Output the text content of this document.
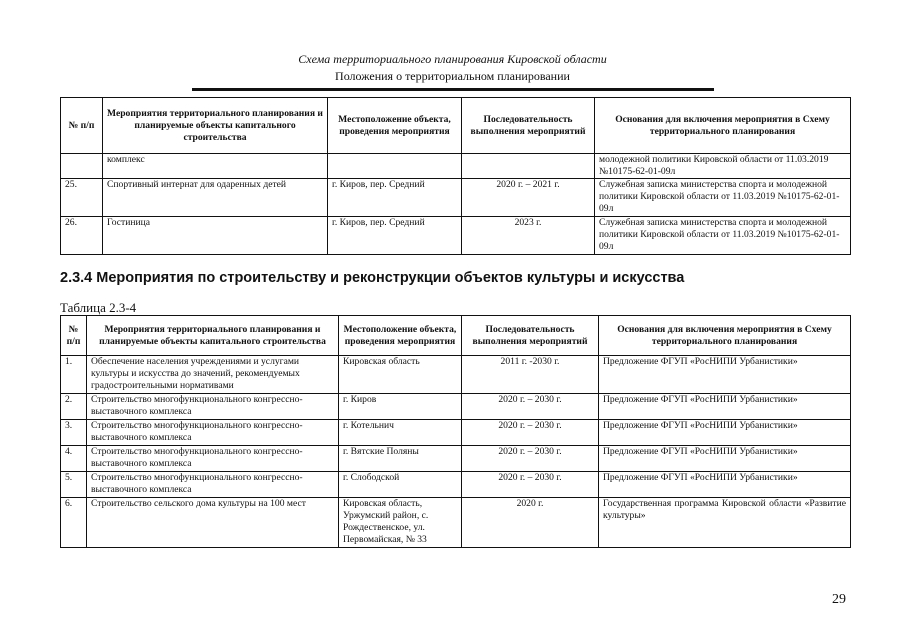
Схема территориального планирования Кировской области
Положения о территориальном планировании
№ п/п	Мероприятия территориального планирования и планируемые объекты капитального строительства	Местоположение объекта, проведения мероприятия	Последовательность выполнения мероприятий	Основания для включения мероприятия в Схему территориального планирования
	комплекс			молодежной политики Кировской области от 11.03.2019 №10175-62-01-09л
25.	Спортивный интернат для одаренных детей	г. Киров, пер. Средний	2020 г. – 2021 г.	Служебная записка министерства спорта и молодежной политики Кировской области от 11.03.2019 №10175-62-01-09л
26.	Гостиница	г. Киров, пер. Средний	2023 г.	Служебная записка министерства спорта и молодежной политики Кировской области от 11.03.2019 №10175-62-01-09л
2.3.4 Мероприятия по строительству и реконструкции объектов культуры и искусства
Таблица 2.3-4
№ п/п	Мероприятия территориального планирования и планируемые объекты капитального строительства	Местоположение объекта, проведения мероприятия	Последовательность выполнения мероприятий	Основания для включения мероприятия в Схему территориального планирования
1.	Обеспечение населения учреждениями и услугами культуры и искусства до значений, рекомендуемых градостроительными нормативами	Кировская область	2011 г. -2030 г.	Предложение ФГУП «РосНИПИ Урбанистики»
2.	Строительство многофункционального конгрессно-выставочного комплекса	г. Киров	2020 г. – 2030 г.	Предложение ФГУП «РосНИПИ Урбанистики»
3.	Строительство многофункционального конгрессно-выставочного комплекса	г. Котельнич	2020 г. – 2030 г.	Предложение ФГУП «РосНИПИ Урбанистики»
4.	Строительство многофункционального конгрессно-выставочного комплекса	г. Вятские Поляны	2020 г. – 2030 г.	Предложение ФГУП «РосНИПИ Урбанистики»
5.	Строительство многофункционального конгрессно-выставочного комплекса	г. Слободской	2020 г. – 2030 г.	Предложение ФГУП «РосНИПИ Урбанистики»
6.	Строительство сельского дома культуры на 100 мест	Кировская область, Уржумский район, с. Рождественское, ул. Первомайская, № 33	2020 г.	Государственная программа Кировской области «Развитие культуры»
29
